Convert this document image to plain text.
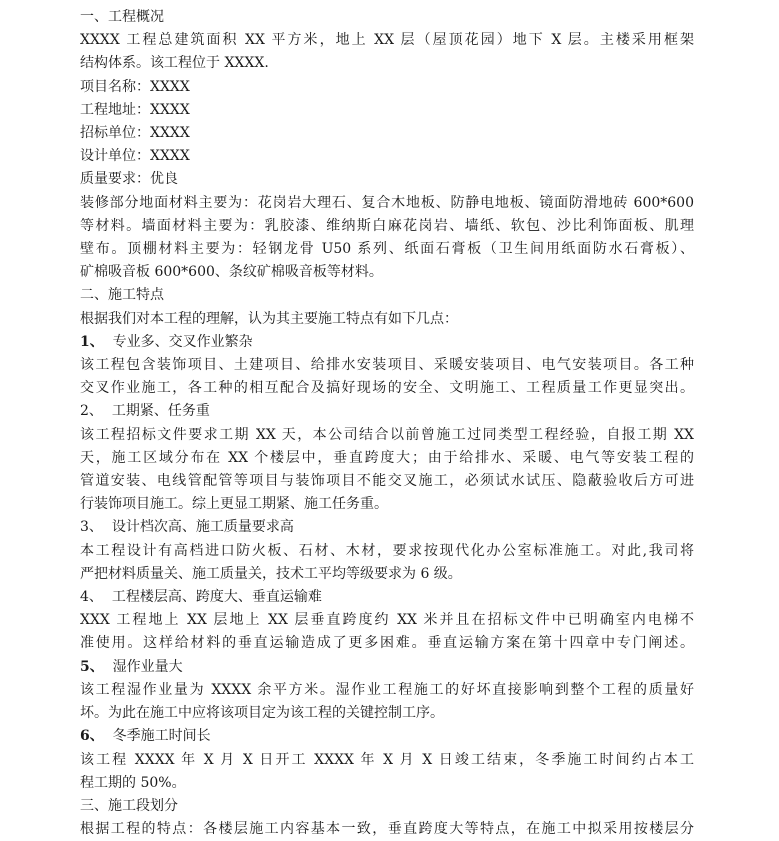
一、工程概况
XXXX 工程总建筑面积 XX 平方米，地上 XX 层（屋顶花园）地下 X 层。主楼采用框架
结构体系。该工程位于 XXXX.
项目名称：XXXX
工程地址：XXXX
招标单位：XXXX
设计单位：XXXX
质量要求：优良
装修部分地面材料主要为：花岗岩大理石、复合木地板、防静电地板、镜面防滑地砖 600*600
等材料。墙面材料主要为：乳胶漆、维纳斯白麻花岗岩、墙纸、软包、沙比利饰面板、肌理
壁布。顶棚材料主要为：轻钢龙骨 U50 系列、纸面石膏板（卫生间用纸面防水石膏板）、
矿棉吸音板 600*600、条纹矿棉吸音板等材料。
二、施工特点
根据我们对本工程的理解，认为其主要施工特点有如下几点：
1、  专业多、交叉作业繁杂
该工程包含装饰项目、土建项目、给排水安装项目、采暖安装项目、电气安装项目。各工种
交叉作业施工，各工种的相互配合及搞好现场的安全、文明施工、工程质量工作更显突出。
2、  工期紧、任务重
该工程招标文件要求工期 XX 天，本公司结合以前曾施工过同类型工程经验，自报工期 XX
天，施工区域分布在 XX 个楼层中，垂直跨度大；由于给排水、采暖、电气等安装工程的
管道安装、电线管配管等项目与装饰项目不能交叉施工，必须试水试压、隐蔽验收后方可进
行装饰项目施工。综上更显工期紧、施工任务重。
3、  设计档次高、施工质量要求高
本工程设计有高档进口防火板、石材、木材，要求按现代化办公室标准施工。对此,我司将
严把材料质量关、施工质量关，技术工平均等级要求为 6 级。
4、  工程楼层高、跨度大、垂直运输难
XXX 工程地上 XX 层地上 XX 层垂直跨度约 XX 米并且在招标文件中已明确室内电梯不
准使用。这样给材料的垂直运输造成了更多困难。垂直运输方案在第十四章中专门阐述。
5、  湿作业量大
该工程湿作业量为 XXXX 余平方米。湿作业工程施工的好坏直接影响到整个工程的质量好
坏。为此在施工中应将该项目定为该工程的关键控制工序。
6、  冬季施工时间长
该工程 XXXX 年 X 月 X 日开工 XXXX 年 X 月 X 日竣工结束，冬季施工时间约占本工
程工期的 50%。
三、施工段划分
根据工程的特点：各楼层施工内容基本一致，垂直跨度大等特点，在施工中拟采用按楼层分
